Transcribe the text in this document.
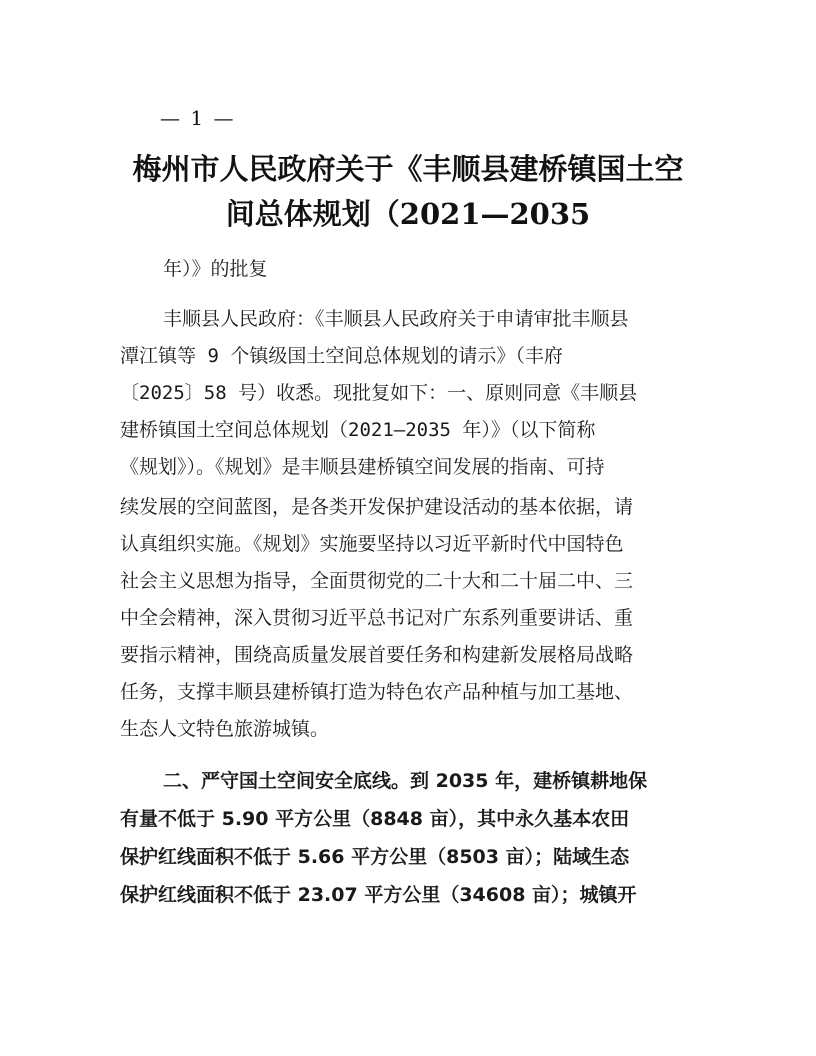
— 1 —
梅州市人民政府关于《丰顺县建桥镇国土空
间总体规划（2021—2035
年）》的批复
丰顺县人民政府：《丰顺县人民政府关于申请审批丰顺县
潭江镇等 9 个镇级国土空间总体规划的请示》（丰府
〔2025〕58 号）收悉。现批复如下：一、原则同意《丰顺县
建桥镇国土空间总体规划（2021—2035 年）》（以下简称
《规划》）。《规划》是丰顺县建桥镇空间发展的指南、可持
续发展的空间蓝图，是各类开发保护建设活动的基本依据，请
认真组织实施。《规划》实施要坚持以习近平新时代中国特色
社会主义思想为指导，全面贯彻党的二十大和二十届二中、三
中全会精神，深入贯彻习近平总书记对广东系列重要讲话、重
要指示精神，围绕高质量发展首要任务和构建新发展格局战略
任务，支撑丰顺县建桥镇打造为特色农产品种植与加工基地、
生态人文特色旅游城镇。
二、严守国土空间安全底线。到 2035 年，建桥镇耕地保
有量不低于 5.90 平方公里（8848 亩），其中永久基本农田
保护红线面积不低于 5.66 平方公里（8503 亩）；陆域生态
保护红线面积不低于 23.07 平方公里（34608 亩）；城镇开
